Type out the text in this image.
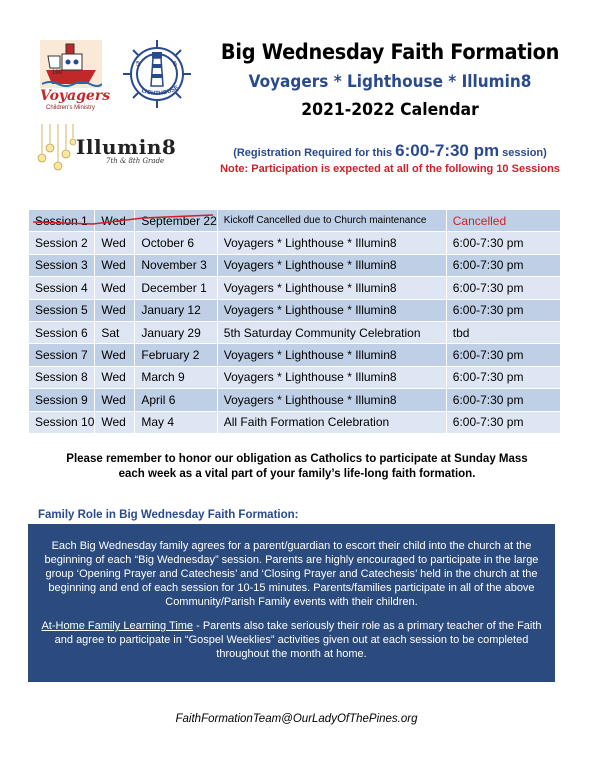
100
Voyagers
Children's Ministry
5	6
LIGHTHOUSE
Illumin8
7th & 8th Grade
Big Wednesday Faith Formation
Voyagers * Lighthouse * Illumin8
2021-2022 Calendar
(Registration Required for this 6:00-7:30 pm session)
Note: Participation is expected at all of the following 10 Sessions
Session 1	Wed	September 22	Kickoff Cancelled due to Church maintenance	Cancelled
Session 2	Wed	October 6	Voyagers * Lighthouse * Illumin8	6:00-7:30 pm
Session 3	Wed	November 3	Voyagers * Lighthouse * Illumin8	6:00-7:30 pm
Session 4	Wed	December 1	Voyagers * Lighthouse * Illumin8	6:00-7:30 pm
Session 5	Wed	January 12	Voyagers * Lighthouse * Illumin8	6:00-7:30 pm
Session 6	Sat	January 29	5th Saturday Community Celebration	tbd
Session 7	Wed	February 2	Voyagers * Lighthouse * Illumin8	6:00-7:30 pm
Session 8	Wed	March 9	Voyagers * Lighthouse * Illumin8	6:00-7:30 pm
Session 9	Wed	April 6	Voyagers * Lighthouse * Illumin8	6:00-7:30 pm
Session 10	Wed	May 4	All Faith Formation Celebration	6:00-7:30 pm
Please remember to honor our obligation as Catholics to participate at Sunday Mass
each week as a vital part of your family’s life-long faith formation.
Family Role in Big Wednesday Faith Formation:

Each Big Wednesday family agrees for a parent/guardian to escort their child into the church at the beginning of each “Big Wednesday” session. Parents are highly encouraged to participate in the large group ‘Opening Prayer and Catechesis’ and ‘Closing Prayer and Catechesis’ held in the church at the beginning and end of each session for 10-15 minutes. Parents/families participate in all of the above Community/Parish Family events with their children.

At-Home Family Learning Time - Parents also take seriously their role as a primary teacher of the Faith and agree to participate in “Gospel Weeklies” activities given out at each session to be completed throughout the month at home.

FaithFormationTeam@OurLadyOfThePines.org
